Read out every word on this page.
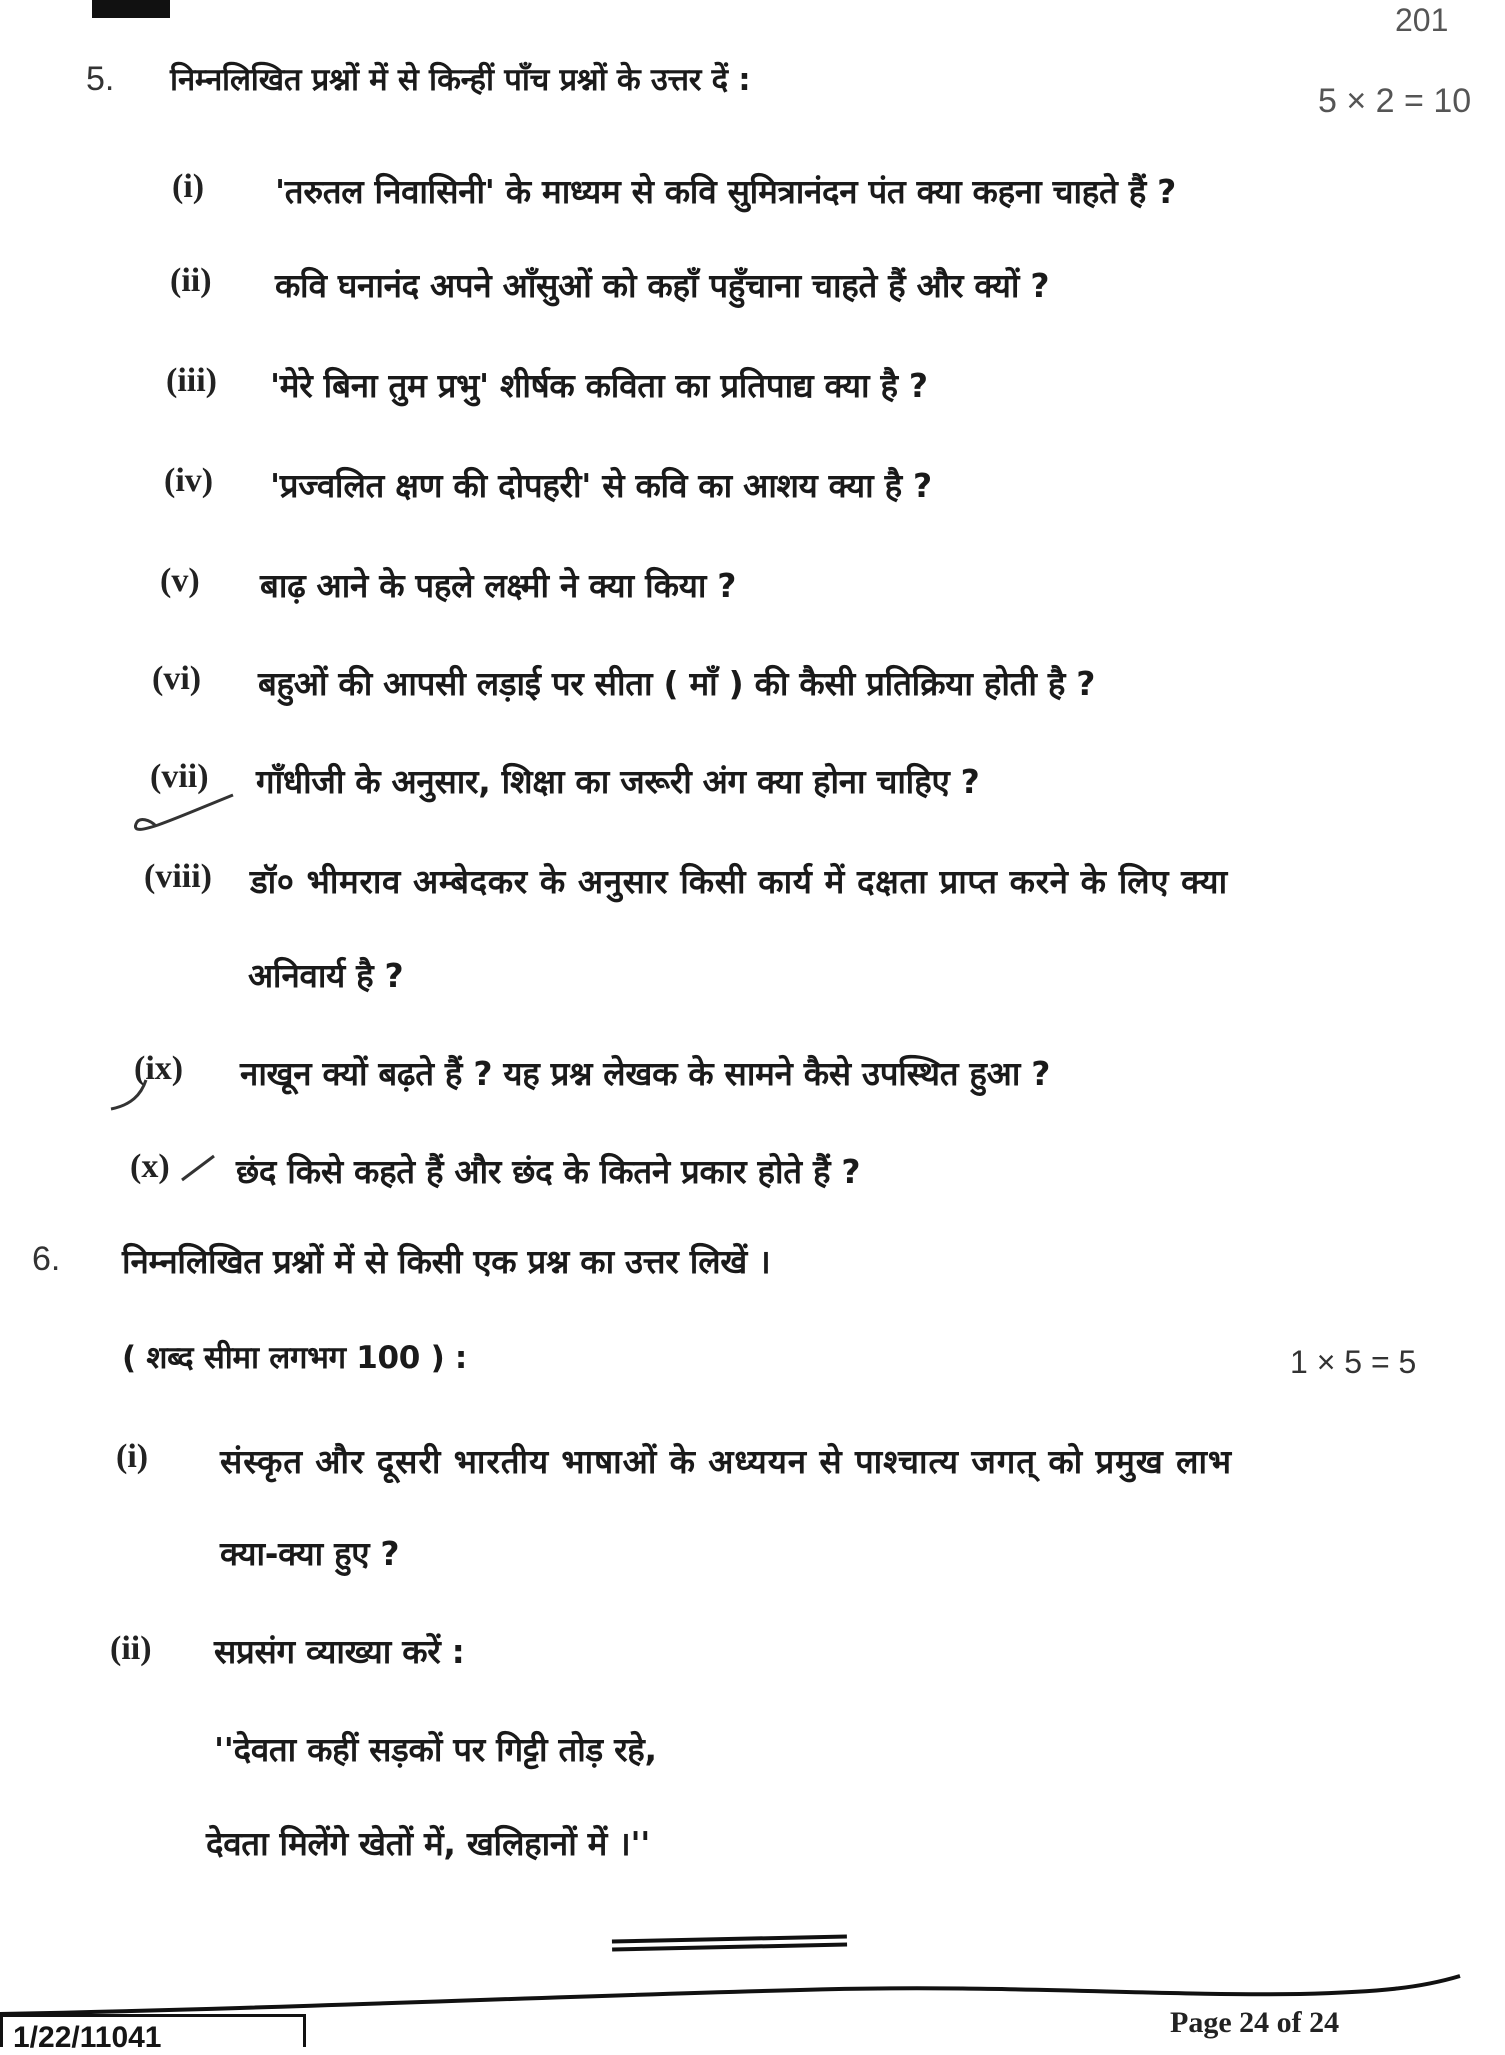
201
5. निम्नलिखित प्रश्नों में से किन्हीं पाँच प्रश्नों के उत्तर दें :
5 × 2 = 10
(i) 'तरुतल निवासिनी' के माध्यम से कवि सुमित्रानंदन पंत क्या कहना चाहते हैं ?
(ii) कवि घनानंद अपने आँसुओं को कहाँ पहुँचाना चाहते हैं और क्यों ?
(iii) 'मेरे बिना तुम प्रभु' शीर्षक कविता का प्रतिपाद्य क्या है ?
(iv) 'प्रज्वलित क्षण की दोपहरी' से कवि का आशय क्या है ?
(v) बाढ़ आने के पहले लक्ष्मी ने क्या किया ?
(vi) बहुओं की आपसी लड़ाई पर सीता ( माँ ) की कैसी प्रतिक्रिया होती है ?
(vii) गाँधीजी के अनुसार, शिक्षा का जरूरी अंग क्या होना चाहिए ?
(viii) डॉ० भीमराव अम्बेदकर के अनुसार किसी कार्य में दक्षता प्राप्त करने के लिए क्या
अनिवार्य है ?
(ix) नाखून क्यों बढ़ते हैं ? यह प्रश्न लेखक के सामने कैसे उपस्थित हुआ ?
(x) छंद किसे कहते हैं और छंद के कितने प्रकार होते हैं ?
6. निम्नलिखित प्रश्नों में से किसी एक प्रश्न का उत्तर लिखें ।
( शब्द सीमा लगभग 100 ) :	1 × 5 = 5
(i) संस्कृत और दूसरी भारतीय भाषाओं के अध्ययन से पाश्चात्य जगत् को प्रमुख लाभ
क्या-क्या हुए ?
(ii) सप्रसंग व्याख्या करें :
''देवता कहीं सड़कों पर गिट्टी तोड़ रहे,
देवता मिलेंगे खेतों में, खलिहानों में ।''
1/22/11041	Page 24 of 24
